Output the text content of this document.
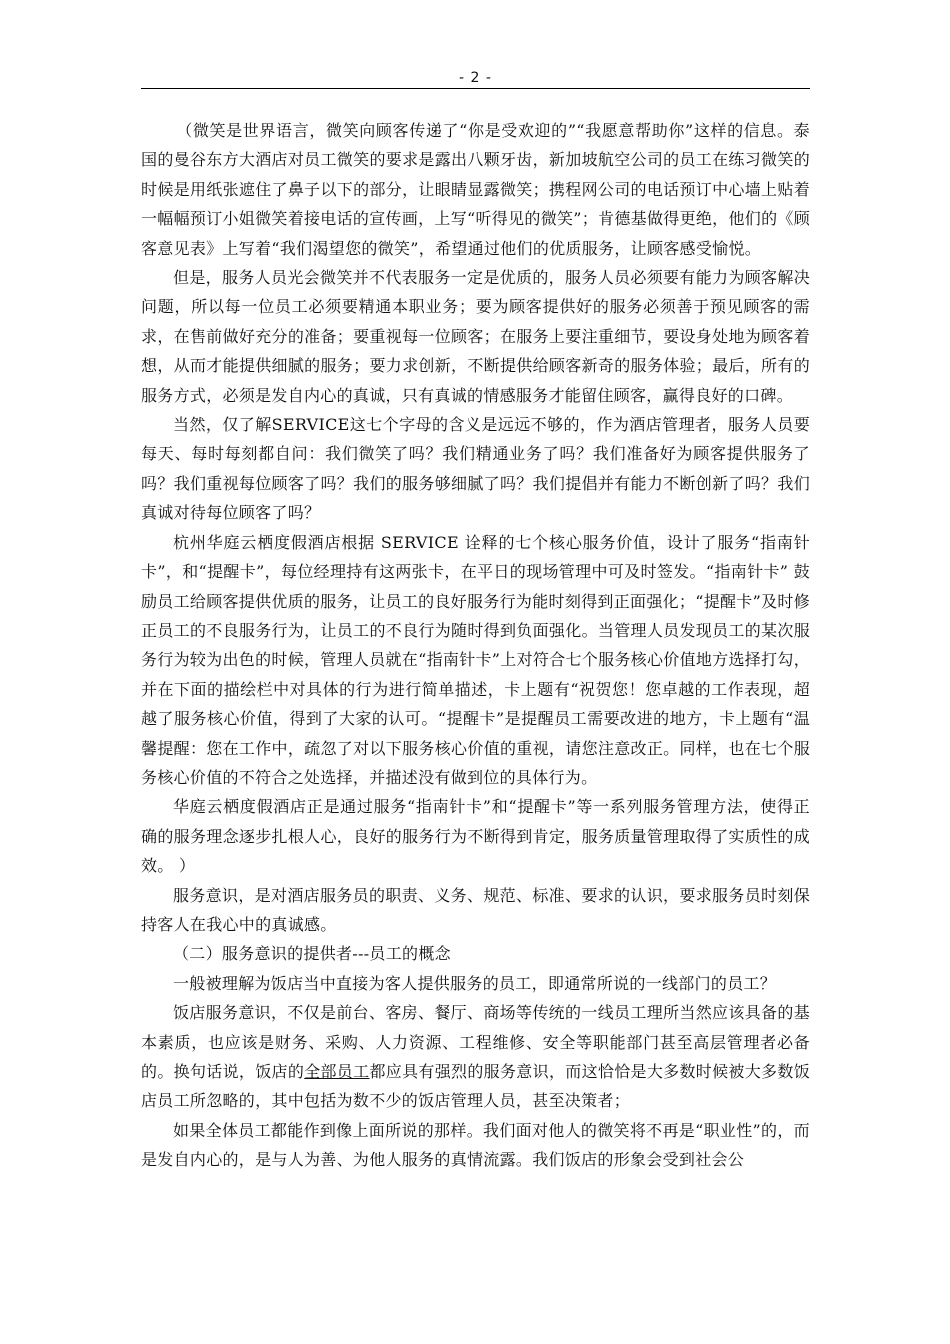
- 2 -

（微笑是世界语言，微笑向顾客传递了“你是受欢迎的”“我愿意帮助你”这样的信息。泰国的曼谷东方大酒店对员工微笑的要求是露出八颗牙齿，新加坡航空公司的员工在练习微笑的时候是用纸张遮住了鼻子以下的部分，让眼睛显露微笑；携程网公司的电话预订中心墙上贴着一幅幅预订小姐微笑着接电话的宣传画，上写“听得见的微笑”；肯德基做得更绝，他们的《顾客意见表》上写着“我们渴望您的微笑”，希望通过他们的优质服务，让顾客感受愉悦。

但是，服务人员光会微笑并不代表服务一定是优质的，服务人员必须要有能力为顾客解决问题，所以每一位员工必须要精通本职业务；要为顾客提供好的服务必须善于预见顾客的需求，在售前做好充分的准备；要重视每一位顾客；在服务上要注重细节，要设身处地为顾客着想，从而才能提供细腻的服务；要力求创新，不断提供给顾客新奇的服务体验；最后，所有的服务方式，必须是发自内心的真诚，只有真诚的情感服务才能留住顾客，赢得良好的口碑。

当然，仅了解SERVICE这七个字母的含义是远远不够的，作为酒店管理者，服务人员要每天、每时每刻都自问：我们微笑了吗？我们精通业务了吗？我们准备好为顾客提供服务了吗？我们重视每位顾客了吗？我们的服务够细腻了吗？我们提倡并有能力不断创新了吗？我们真诚对待每位顾客了吗？

杭州华庭云栖度假酒店根据 SERVICE 诠释的七个核心服务价值，设计了服务“指南针卡”，和“提醒卡”，每位经理持有这两张卡，在平日的现场管理中可及时签发。“指南针卡” 鼓励员工给顾客提供优质的服务，让员工的良好服务行为能时刻得到正面强化；“提醒卡”及时修正员工的不良服务行为，让员工的不良行为随时得到负面强化。当管理人员发现员工的某次服务行为较为出色的时候，管理人员就在“指南针卡”上对符合七个服务核心价值地方选择打勾，并在下面的描绘栏中对具体的行为进行简单描述，卡上题有“祝贺您！您卓越的工作表现，超越了服务核心价值，得到了大家的认可。“提醒卡”是提醒员工需要改进的地方，卡上题有“温馨提醒：您在工作中，疏忽了对以下服务核心价值的重视，请您注意改正。同样，也在七个服务核心价值的不符合之处选择，并描述没有做到位的具体行为。

华庭云栖度假酒店正是通过服务“指南针卡”和“提醒卡”等一系列服务管理方法，使得正确的服务理念逐步扎根人心，良好的服务行为不断得到肯定，服务质量管理取得了实质性的成效。 ）

服务意识，是对酒店服务员的职责、义务、规范、标准、要求的认识，要求服务员时刻保持客人在我心中的真诚感。

（二）服务意识的提供者---员工的概念

一般被理解为饭店当中直接为客人提供服务的员工，即通常所说的一线部门的员工？

饭店服务意识，不仅是前台、客房、餐厅、商场等传统的一线员工理所当然应该具备的基本素质，也应该是财务、采购、人力资源、工程维修、安全等职能部门甚至高层管理者必备的。换句话说，饭店的全部员工都应具有强烈的服务意识，而这恰恰是大多数时候被大多数饭店员工所忽略的，其中包括为数不少的饭店管理人员，甚至决策者；

如果全体员工都能作到像上面所说的那样。我们面对他人的微笑将不再是“职业性”的，而是发自内心的，是与人为善、为他人服务的真情流露。我们饭店的形象会受到社会公
